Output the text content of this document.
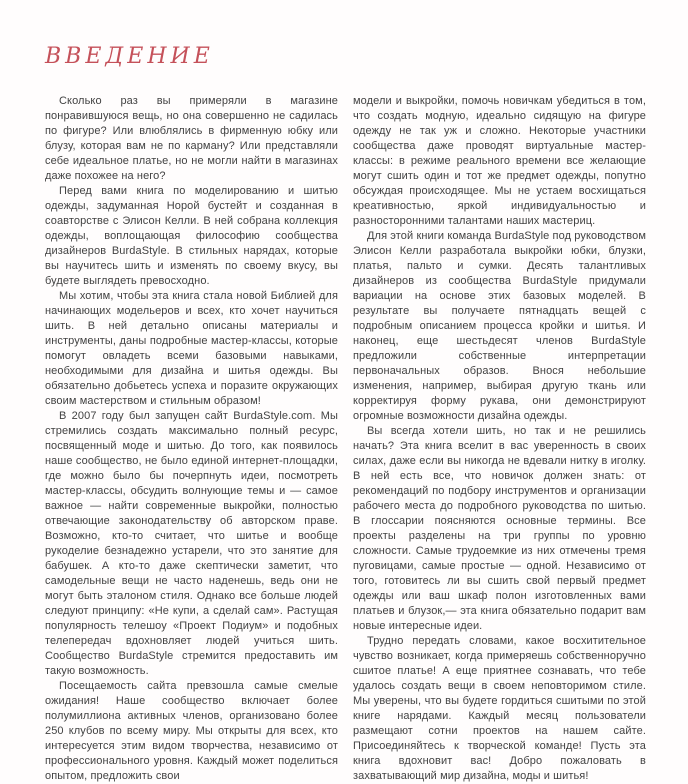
ВВЕДЕНИЕ

Сколько раз вы примеряли в магазине понравившуюся вещь, но она совершенно не садилась по фигуре? Или влюблялись в фирменную юбку или блузу, которая вам не по карману? Или представляли себе идеальное платье, но не могли найти в магазинах даже похожее на него?

Перед вами книга по моделированию и шитью одежды, задуманная Норой бустейт и созданная в соавторстве с Элисон Келли. В ней собрана коллекция одежды, воплощающая философию сообщества дизайнеров BurdaStyle. В стильных нарядах, которые вы научитесь шить и изменять по своему вкусу, вы будете выглядеть превосходно.

Мы хотим, чтобы эта книга стала новой Библией для начинающих модельеров и всех, кто хочет научиться шить. В ней детально описаны материалы и инструменты, даны подробные мастер-классы, которые помогут овладеть всеми базовыми навыками, необходимыми для дизайна и шитья одежды. Вы обязательно добьетесь успеха и поразите окружающих своим мастерством и стильным образом!

В 2007 году был запущен сайт BurdaStyle.com. Мы стремились создать максимально полный ресурс, посвященный моде и шитью. До того, как появилось наше сообщество, не было единой интернет-площадки, где можно было бы почерпнуть идеи, посмотреть мастер-классы, обсудить волнующие темы и — самое важное — найти современные выкройки, полностью отвечающие законодательству об авторском праве. Возможно, кто-то считает, что шитье и вообще рукоделие безнадежно устарели, что это занятие для бабушек. А кто-то даже скептически заметит, что самодельные вещи не часто наденешь, ведь они не могут быть эталоном стиля. Однако все больше людей следуют принципу: «Не купи, а сделай сам». Растущая популярность телешоу «Проект Подиум» и подобных телепередач вдохновляет людей учиться шить. Сообщество BurdaStyle стремится предоставить им такую возможность.

Посещаемость сайта превзошла самые смелые ожидания! Наше сообщество включает более полумиллиона активных членов, организовано более 250 клубов по всему миру. Мы открыты для всех, кто интересуется этим видом творчества, независимо от профессионального уровня. Каждый может поделиться опытом, предложить свои

модели и выкройки, помочь новичкам убедиться в том, что создать модную, идеально сидящую на фигуре одежду не так уж и сложно. Некоторые участники сообщества даже проводят виртуальные мастер-классы: в режиме реального времени все желающие могут сшить один и тот же предмет одежды, попутно обсуждая происходящее. Мы не устаем восхищаться креативностью, яркой индивидуальностью и разносторонними талантами наших мастериц.

Для этой книги команда BurdaStyle под руководством Элисон Келли разработала выкройки юбки, блузки, платья, пальто и сумки. Десять талантливых дизайнеров из сообщества BurdaStyle придумали вариации на основе этих базовых моделей. В результате вы получаете пятнадцать вещей с подробным описанием процесса кройки и шитья. И наконец, еще шестьдесят членов BurdaStyle предложили собственные интерпретации первоначальных образов. Внося небольшие изменения, например, выбирая другую ткань или корректируя форму рукава, они демонстрируют огромные возможности дизайна одежды.

Вы всегда хотели шить, но так и не решились начать? Эта книга вселит в вас уверенность в своих силах, даже если вы никогда не вдевали нитку в иголку. В ней есть все, что новичок должен знать: от рекомендаций по подбору инструментов и организации рабочего места до подробного руководства по шитью. В глоссарии поясняются основные термины. Все проекты разделены на три группы по уровню сложности. Самые трудоемкие из них отмечены тремя пуговицами, самые простые — одной. Независимо от того, готовитесь ли вы сшить свой первый предмет одежды или ваш шкаф полон изготовленных вами платьев и блузок,— эта книга обязательно подарит вам новые интересные идеи.

Трудно передать словами, какое восхитительное чувство возникает, когда примеряешь собственноручно сшитое платье! А еще приятнее сознавать, что тебе удалось создать вещи в своем неповторимом стиле. Мы уверены, что вы будете гордиться сшитыми по этой книге нарядами. Каждый месяц пользователи размещают сотни проектов на нашем сайте. Присоединяйтесь к творческой команде! Пусть эта книга вдохновит вас! Добро пожаловать в захватывающий мир дизайна, моды и шитья!
